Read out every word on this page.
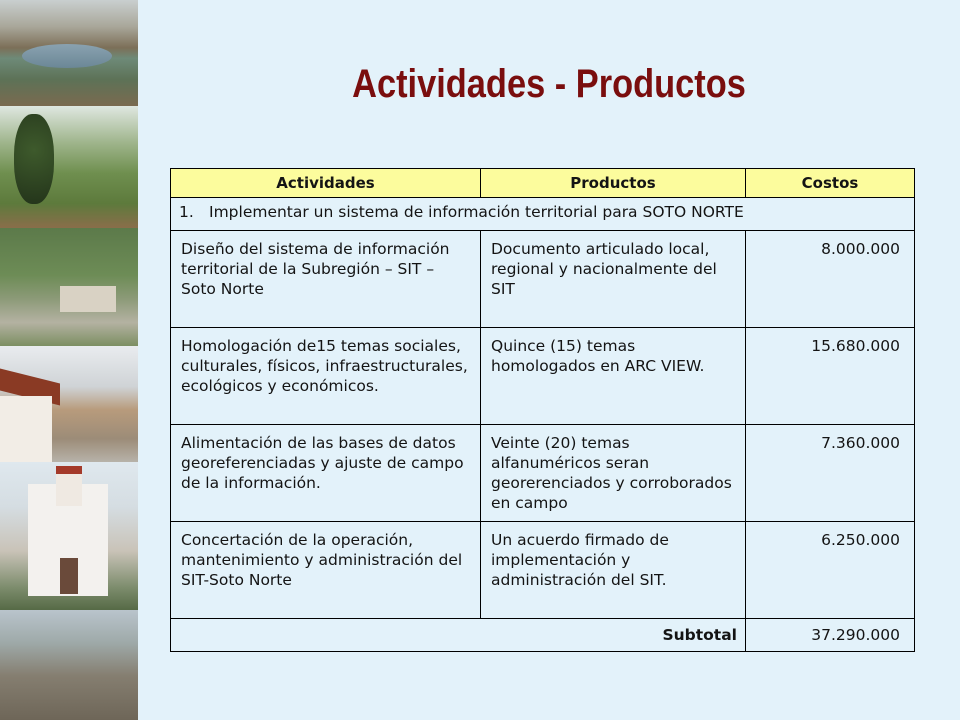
Actividades - Productos
Actividades	Productos	Costos
1. Implementar un sistema de información territorial para SOTO NORTE		
Diseño del sistema de información territorial de la Subregión – SIT – Soto Norte	Documento articulado local, regional y nacionalmente del SIT	8.000.000
Homologación de15 temas sociales, culturales, físicos, infraestructurales, ecológicos y económicos.	Quince (15) temas homologados en ARC VIEW.	15.680.000
Alimentación de las bases de datos georeferenciadas y ajuste de campo de la información.	Veinte (20) temas alfanuméricos seran georerenciados y corroborados en campo	7.360.000
Concertación de la operación, mantenimiento y administración del SIT-Soto Norte	Un acuerdo firmado de implementación y administración del SIT.	6.250.000
Subtotal		37.290.000
